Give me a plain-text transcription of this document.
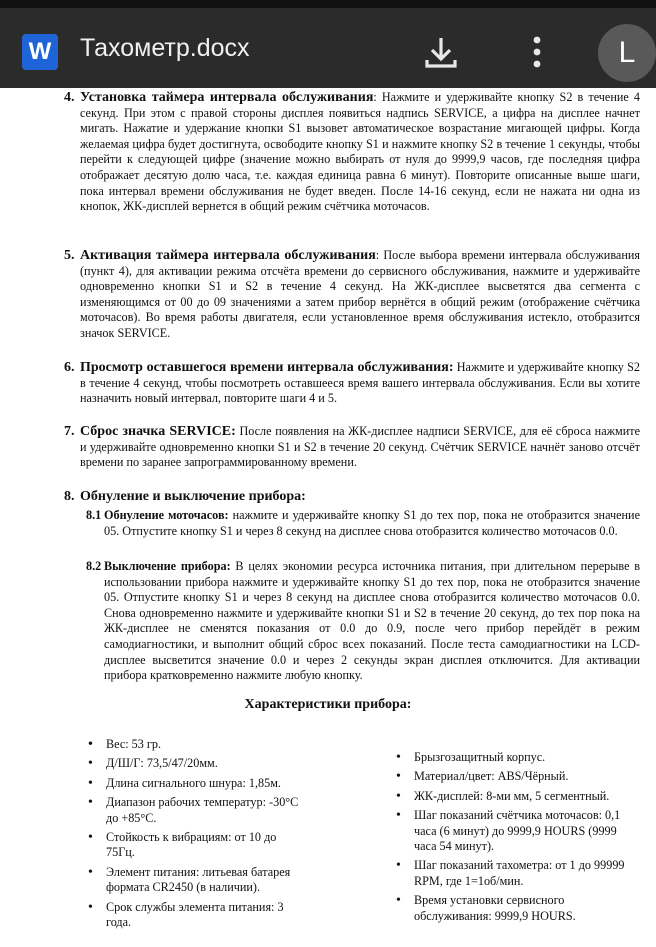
W Тахометр.docx	L
4. Установка таймера интервала обслуживания: Нажмите и удерживайте кнопку S2 в течение 4 секунд. При этом с правой стороны дисплея появиться надпись SERVICE, а цифра на дисплее начнет мигать. Нажатие и удержание кнопки S1 вызовет автоматическое возрастание мигающей цифры. Когда желаемая цифра будет достигнута, освободите кнопку S1 и нажмите кнопку S2 в течение 1 секунды, чтобы перейти к следующей цифре (значение можно выбирать от нуля до 9999,9 часов, где последняя цифра отображает десятую долю часа, т.е. каждая единица равна 6 минут). Повторите описанные выше шаги, пока интервал времени обслуживания не будет введен. После 14-16 секунд, если не нажата ни одна из кнопок, ЖК-дисплей вернется в общий режим счётчика моточасов.
5. Активация таймера интервала обслуживания: После выбора времени интервала обслуживания (пункт 4), для активации режима отсчёта времени до сервисного обслуживания, нажмите и удерживайте одновременно кнопки S1 и S2 в течение 4 секунд. На ЖК-дисплее высветятся два сегмента с изменяющимся от 00 до 09 значениями а затем прибор вернётся в общий режим (отображение счётчика моточасов). Во время работы двигателя, если установленное время обслуживания истекло, отобразится значок SERVICE.
6. Просмотр оставшегося времени интервала обслуживания: Нажмите и удерживайте кнопку S2 в течение 4 секунд, чтобы посмотреть оставшееся время вашего интервала обслуживания. Если вы хотите назначить новый интервал, повторите шаги 4 и 5.
7. Сброс значка SERVICE: После появления на ЖК-дисплее надписи SERVICE, для её сброса нажмите и удерживайте одновременно кнопки S1 и S2 в течение 20 секунд. Счётчик SERVICE начнёт заново отсчёт времени по заранее запрограммированному времени.
8. Обнуление и выключение прибора:
8.1 Обнуление моточасов: нажмите и удерживайте кнопку S1 до тех пор, пока не отобразится значение 05. Отпустите кнопку S1 и через 8 секунд на дисплее снова отобразится количество моточасов 0.0.
8.2 Выключение прибора: В целях экономии ресурса источника питания, при длительном перерыве в использовании прибора нажмите и удерживайте кнопку S1 до тех пор, пока не отобразится значение 05. Отпустите кнопку S1 и через 8 секунд на дисплее снова отобразится количество моточасов 0.0. Снова одновременно нажмите и удерживайте кнопки S1 и S2 в течение 20 секунд, до тех пор пока на ЖК-дисплее не сменятся показания от 0.0 до 0.9, после чего прибор перейдёт в режим самодиагностики, и выполнит общий сброс всех показаний. После теста самодиагностики на LCD-дисплее высветится значение 0.0 и через 2 секунды экран дисплея отключится. Для активации прибора кратковременно нажмите любую кнопку.
Характеристики прибора:
• Вес: 53 гр.
• Д/Ш/Г: 73,5/47/20мм.
• Длина сигнального шнура: 1,85м.
• Диапазон рабочих температур: -30°C до +85°C.
• Стойкость к вибрациям: от 10 до 75Гц.
• Элемент питания: литьевая батарея формата CR2450 (в наличии).
• Срок службы элемента питания: 3 года.
• Брызгозащитный корпус.
• Материал/цвет: ABS/Чёрный.
• ЖК-дисплей: 8-ми мм, 5 сегментный.
• Шаг показаний счётчика моточасов: 0,1 часа (6 минут) до 9999,9 HOURS (9999 часа 54 минут).
• Шаг показаний тахометра: от 1 до 99999 RPM, где 1=1об/мин.
• Время установки сервисного обслуживания: 9999,9 HOURS.
